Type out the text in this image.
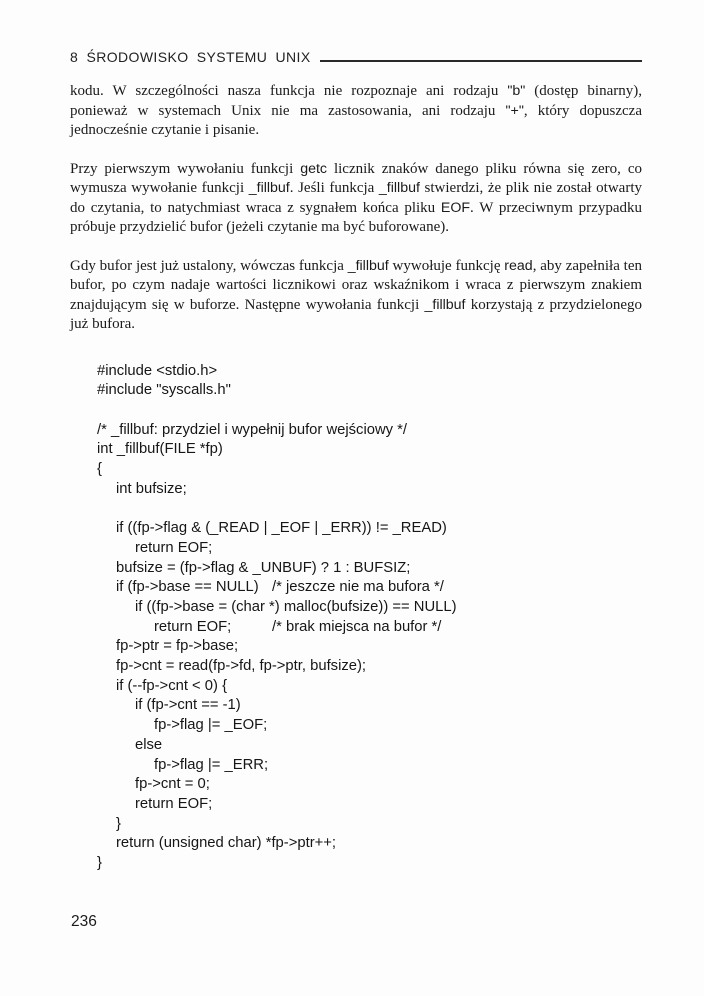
8 ŚRODOWISKO SYSTEMU UNIX

kodu. W szczególności nasza funkcja nie rozpoznaje ani rodzaju "b" (dostęp binarny), ponieważ w systemach Unix nie ma zastosowania, ani rodzaju "+", który dopuszcza jednocześnie czytanie i pisanie.

Przy pierwszym wywołaniu funkcji getc licznik znaków danego pliku równa się zero, co wymusza wywołanie funkcji _fillbuf. Jeśli funkcja _fillbuf stwierdzi, że plik nie został otwarty do czytania, to natychmiast wraca z sygnałem końca pliku EOF. W przeciwnym przypadku próbuje przydzielić bufor (jeżeli czytanie ma być buforowane).

Gdy bufor jest już ustalony, wówczas funkcja _fillbuf wywołuje funkcję read, aby zapełniła ten bufor, po czym nadaje wartości licznikowi oraz wskaźnikom i wraca z pierwszym znakiem znajdującym się w buforze. Następne wywołania funkcji _fillbuf korzystają z przydzielonego już bufora.

#include <stdio.h>
#include "syscalls.h"

/* _fillbuf: przydziel i wypełnij bufor wejściowy */
int _fillbuf(FILE *fp)
{
int bufsize;

if ((fp->flag & (_READ | _EOF | _ERR)) != _READ)
return EOF;
bufsize = (fp->flag & _UNBUF) ? 1 : BUFSIZ;
if (fp->base == NULL) /* jeszcze nie ma bufora */
if ((fp->base = (char *) malloc(bufsize)) == NULL)
return EOF;	/* brak miejsca na bufor */
fp->ptr = fp->base;
fp->cnt = read(fp->fd, fp->ptr, bufsize);
if (--fp->cnt < 0) {
if (fp->cnt == -1)
fp->flag |= _EOF;
else
fp->flag |= _ERR;
fp->cnt = 0;
return EOF;
}
return (unsigned char) *fp->ptr++;
}
236
